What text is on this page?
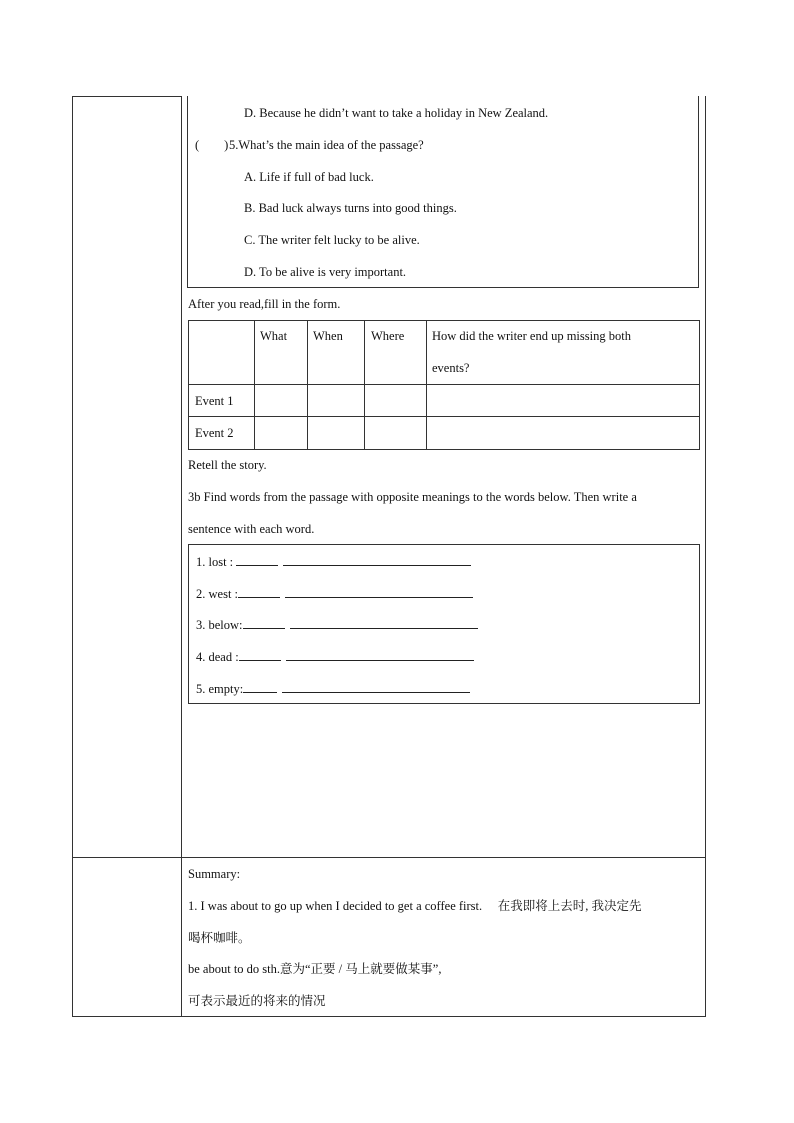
D. Because he didn’t want to take a holiday in New Zealand.
(        ) 5.What’s the main idea of the passage?
A. Life if full of bad luck.
B. Bad luck always turns into good things.
C. The writer felt lucky to be alive.
D. To be alive is very important.
After you read,fill in the form.
What When Where How did the writer end up missing both
events?
Event 1
Event 2
Retell the story.
3b Find words from the passage with opposite meanings to the words below. Then write a
sentence with each word.
1. lost :
2. west :
3. below:
4. dead :
5. empty:
Summary:
1. I was about to go up when I decided to get a coffee first.     在我即将上去时, 我决定先
喝杯咖啡。
be about to do sth.意为“正要 / 马上就要做某事”,
可表示最近的将来的情况
